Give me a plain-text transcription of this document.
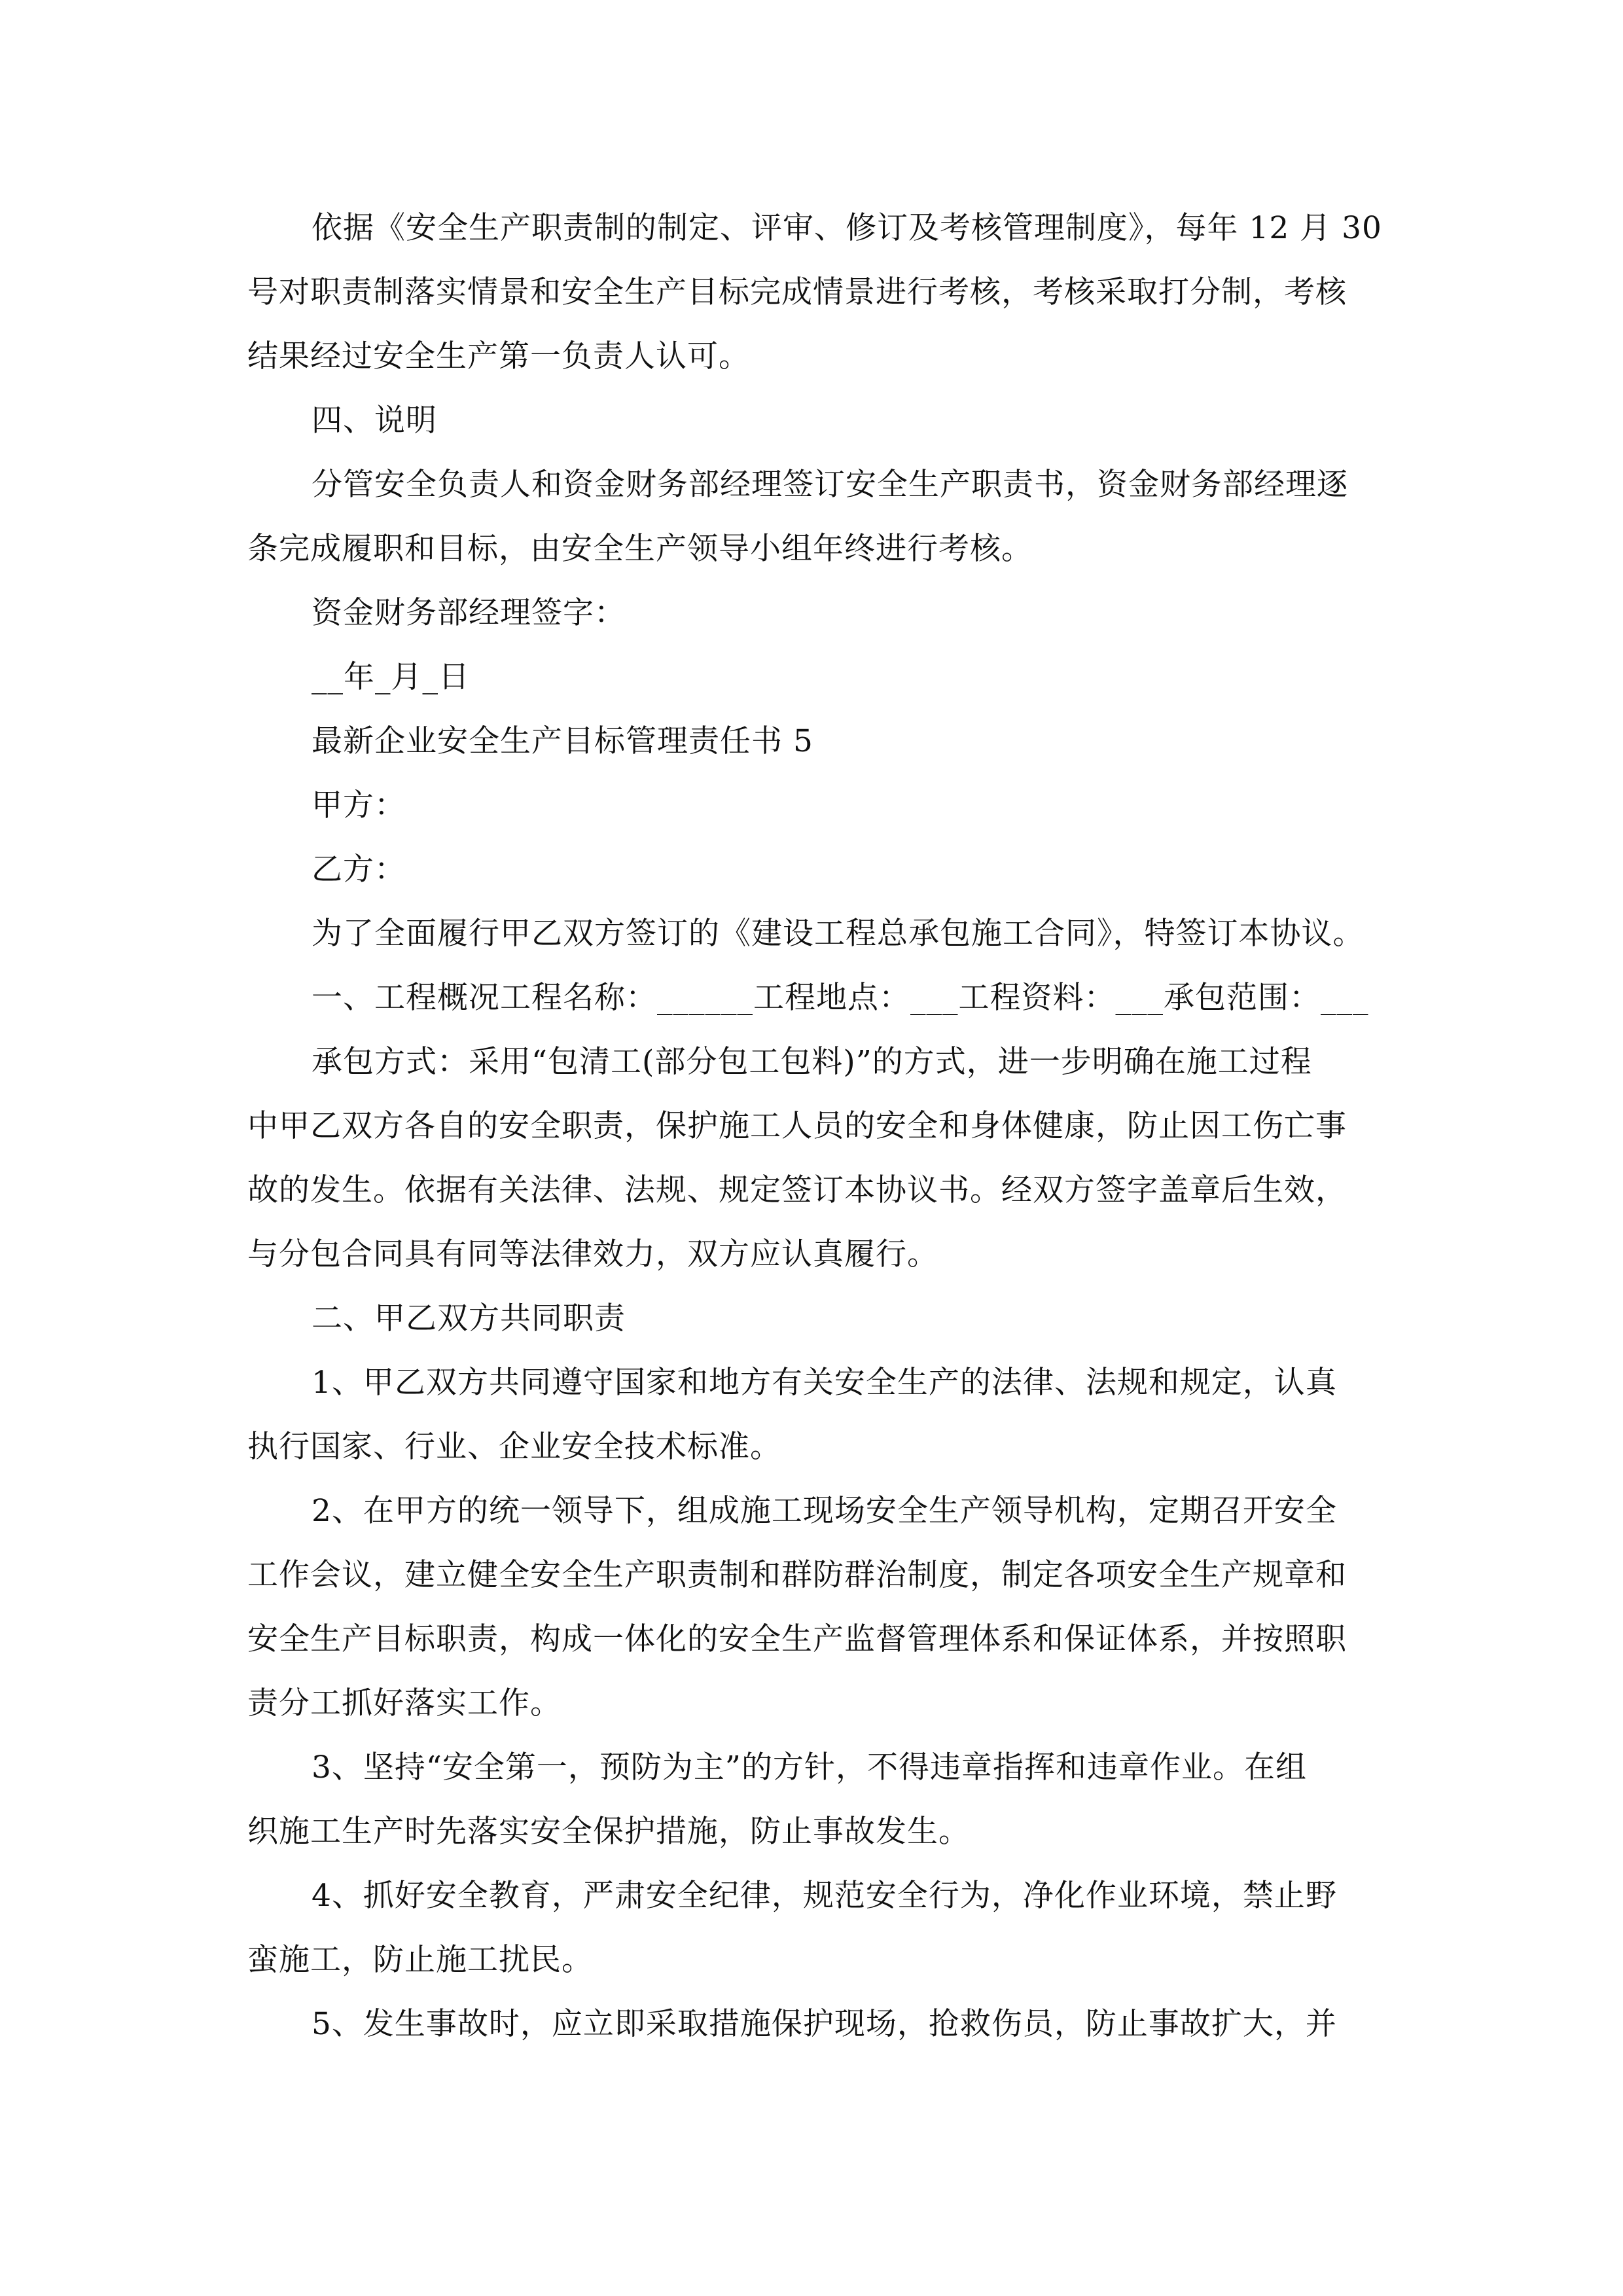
依据《安全生产职责制的制定、评审、修订及考核管理制度》，每年 12 月 30
号对职责制落实情景和安全生产目标完成情景进行考核，考核采取打分制，考核
结果经过安全生产第一负责人认可。
四、说明
分管安全负责人和资金财务部经理签订安全生产职责书，资金财务部经理逐
条完成履职和目标，由安全生产领导小组年终进行考核。
资金财务部经理签字：
__年_月_日
最新企业安全生产目标管理责任书 5
甲方：
乙方：
为了全面履行甲乙双方签订的《建设工程总承包施工合同》，特签订本协议。
一、工程概况工程名称：______工程地点：___工程资料：___承包范围：___
承包方式：采用“包清工(部分包工包料)”的方式，进一步明确在施工过程
中甲乙双方各自的安全职责，保护施工人员的安全和身体健康，防止因工伤亡事
故的发生。依据有关法律、法规、规定签订本协议书。经双方签字盖章后生效，
与分包合同具有同等法律效力，双方应认真履行。
二、甲乙双方共同职责
1、甲乙双方共同遵守国家和地方有关安全生产的法律、法规和规定，认真
执行国家、行业、企业安全技术标准。
2、在甲方的统一领导下，组成施工现场安全生产领导机构，定期召开安全
工作会议，建立健全安全生产职责制和群防群治制度，制定各项安全生产规章和
安全生产目标职责，构成一体化的安全生产监督管理体系和保证体系，并按照职
责分工抓好落实工作。
3、坚持“安全第一，预防为主”的方针，不得违章指挥和违章作业。在组
织施工生产时先落实安全保护措施，防止事故发生。
4、抓好安全教育，严肃安全纪律，规范安全行为，净化作业环境，禁止野
蛮施工，防止施工扰民。
5、发生事故时，应立即采取措施保护现场，抢救伤员，防止事故扩大，并
